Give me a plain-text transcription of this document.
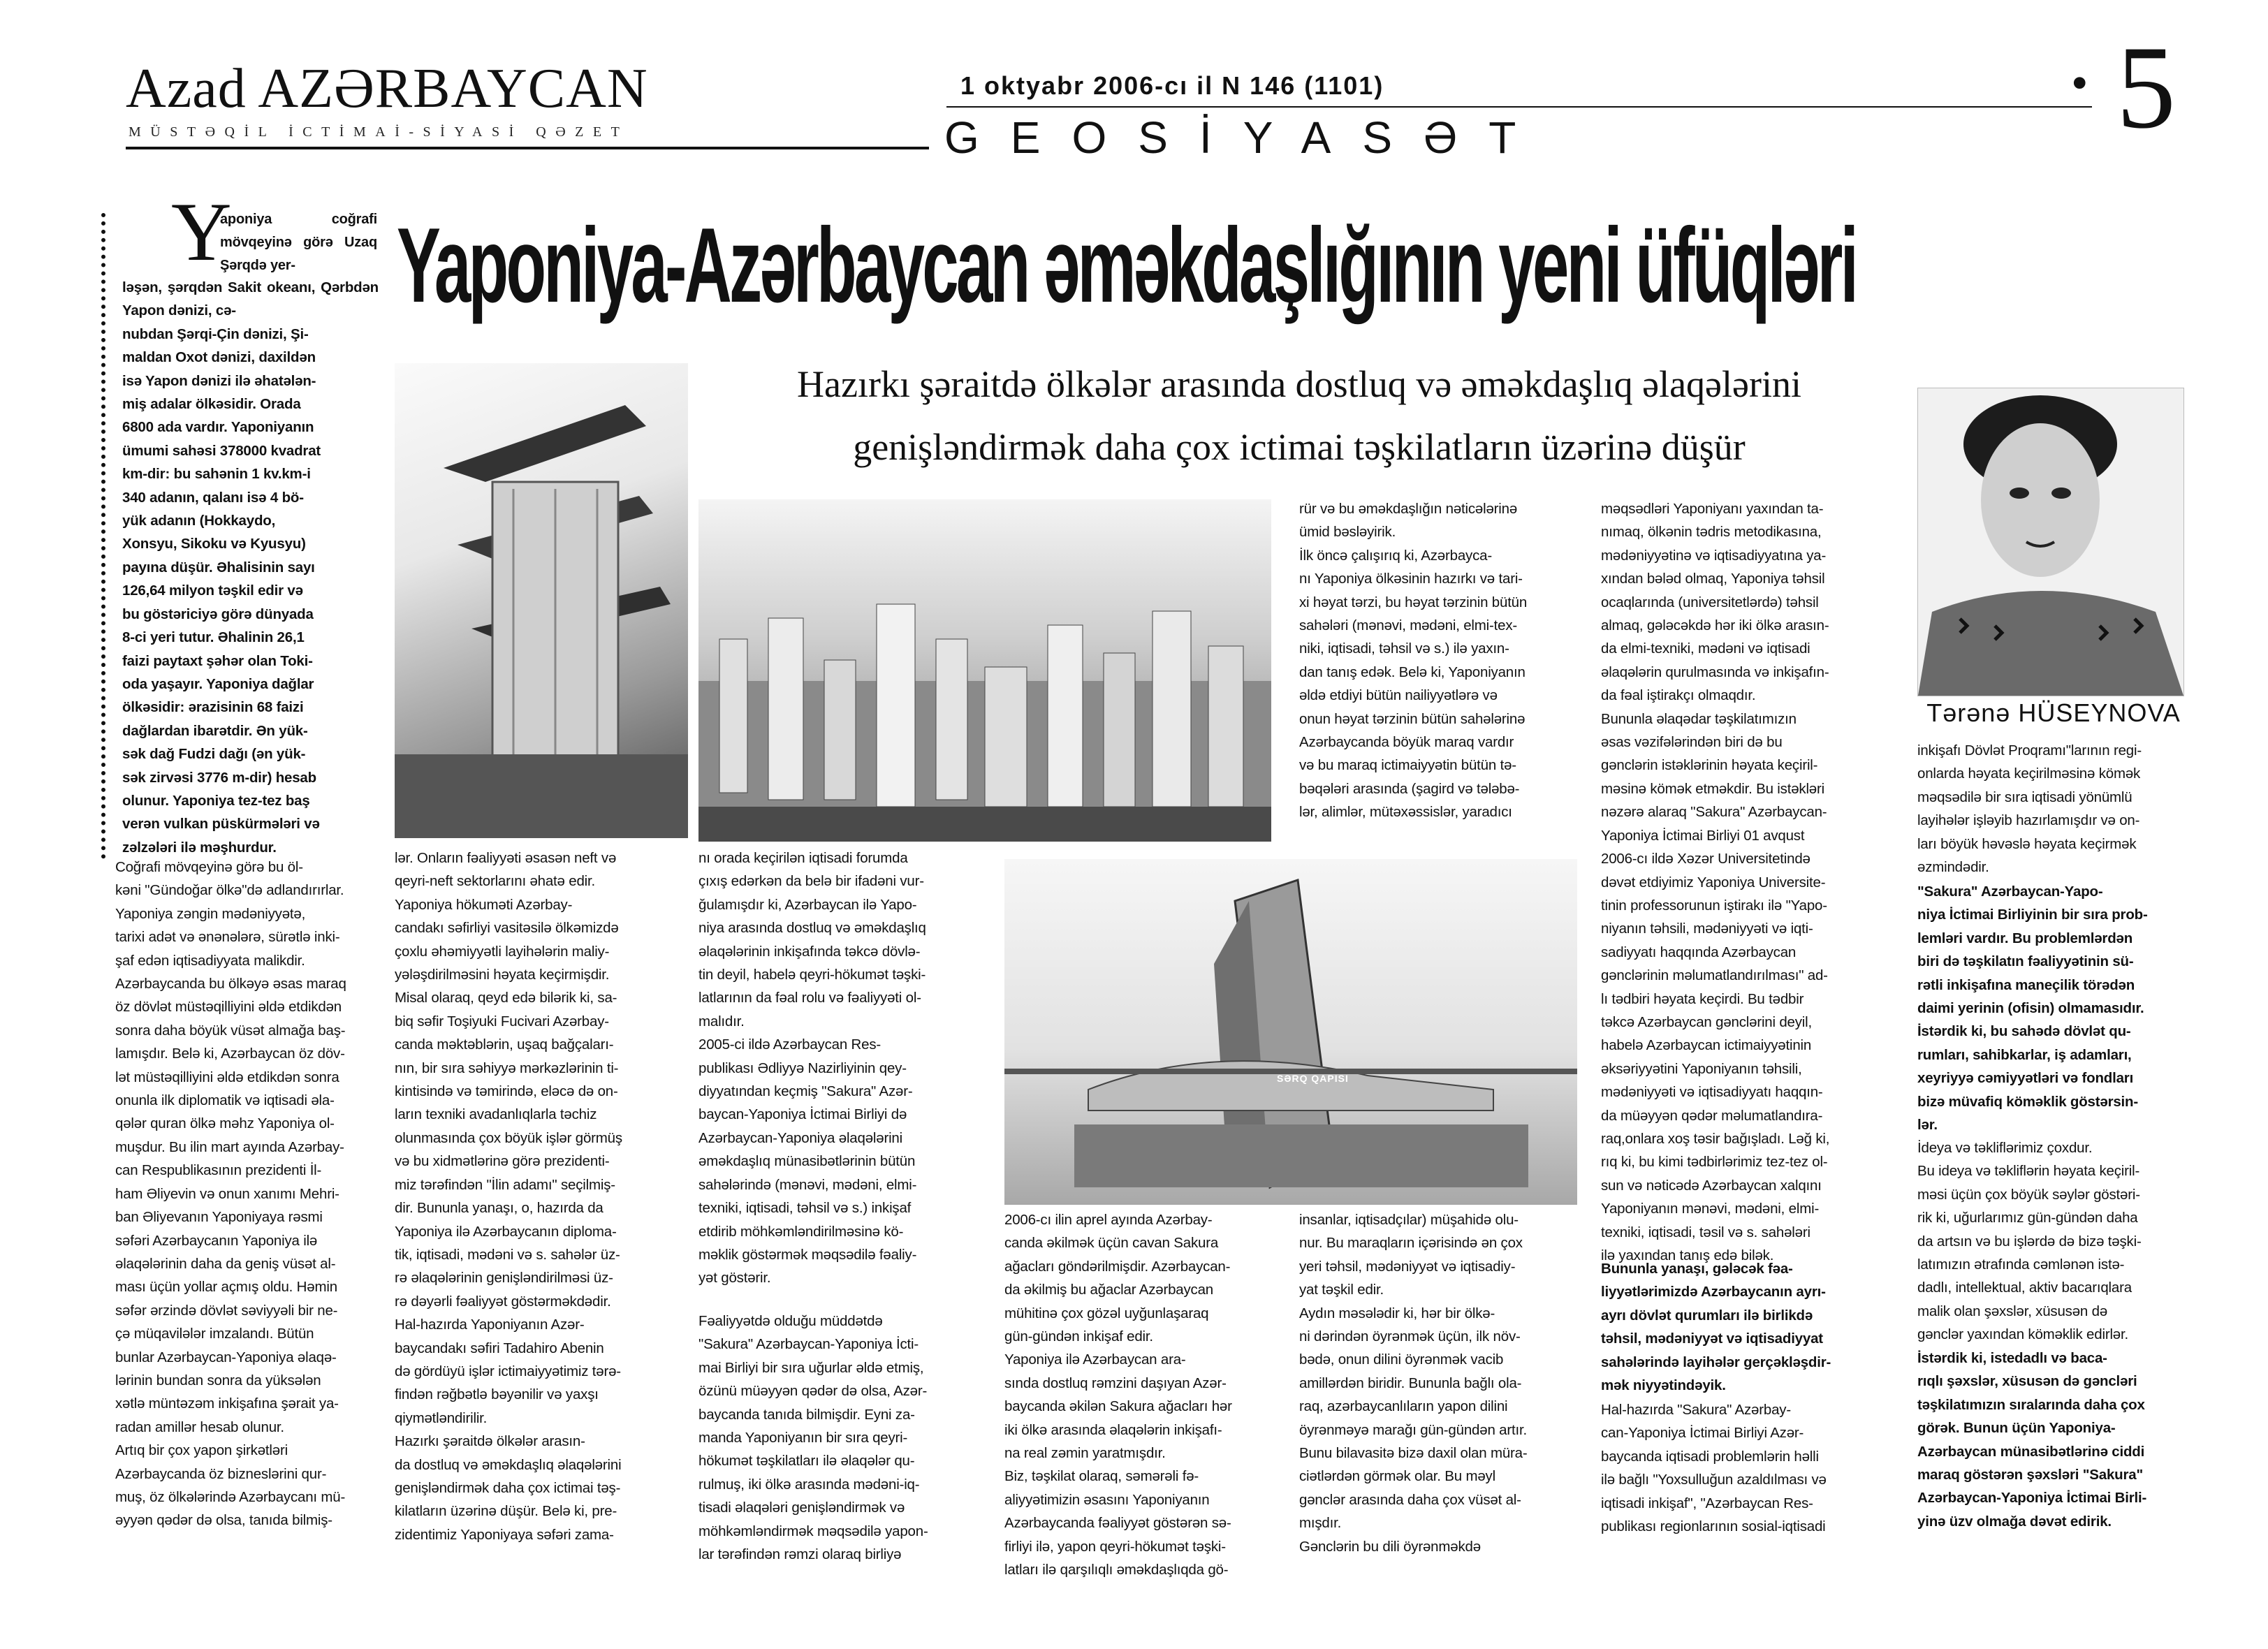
Azad AZƏRBAYCAN
MÜSTƏQİL İCTİMAİ-SİYASİ QƏZET
1 oktyabr 2006-cı il N 146 (1101)
GEOSİYASƏT
• 5
Y
aponiya coğrafi mövqeyinə görə Uzaq Şərqdə yer-
ləşən, şərqdən Sakit okeanı, Qərbdən Yapon dənizi, cə-
nubdan Şərqi-Çin dənizi, Şi-
maldan Oxot dənizi, daxildən
isə Yapon dənizi ilə əhatələn-
miş adalar ölkəsidir. Orada
6800 ada vardır. Yaponiyanın
ümumi sahəsi 378000 kvadrat
km-dir: bu sahənin 1 kv.km-i
340 adanın, qalanı isə 4 bö-
yük adanın (Hokkaydo,
Xonsyu, Sikoku və Kyusyu)
payına düşür. Əhalisinin sayı
126,64 milyon təşkil edir və
bu göstəriciyə görə dünyada
8-ci yeri tutur. Əhalinin 26,1
faizi paytaxt şəhər olan Toki-
oda yaşayır. Yaponiya dağlar
ölkəsidir: ərazisinin 68 faizi
dağlardan ibarətdir. Ən yük-
sək dağ Fudzi dağı (ən yük-
sək zirvəsi 3776 m-dir) hesab
olunur. Yaponiya tez-tez baş
verən vulkan püskürmələri və
zəlzələri ilə məşhurdur.
Yaponiya-Azərbaycan əməkdaşlığının yeni üfüqləri
Hazırkı şəraitdə ölkələr arasında dostluq və əməkdaşlıq əlaqələrini genişləndirmək daha çox ictimai təşkilatların üzərinə düşür
SƏRQ QAPISI
Tərənə HÜSEYNOVA
Coğrafi mövqeyinə görə bu öl-
kəni "Gündoğar ölkə"də adlandırırlar.
Yaponiya zəngin mədəniyyətə,
tarixi adət və ənənələrə, sürətlə inki-
şaf edən iqtisadiyyata malikdir.
Azərbaycanda bu ölkəyə əsas maraq
öz dövlət müstəqilliyini əldə etdikdən
sonra daha böyük vüsət almağa baş-
lamışdır. Belə ki, Azərbaycan öz döv-
lət müstəqilliyini əldə etdikdən sonra
onunla ilk diplomatik və iqtisadi əla-
qələr quran ölkə məhz Yaponiya ol-
muşdur. Bu ilin mart ayında Azərbay-
can Respublikasının prezidenti İl-
ham Əliyevin və onun xanımı Mehri-
ban Əliyevanın Yaponiyaya rəsmi
səfəri Azərbaycanın Yaponiya ilə
əlaqələrinin daha da geniş vüsət al-
ması üçün yollar açmış oldu. Həmin
səfər ərzində dövlət səviyyəli bir ne-
çə müqavilələr imzalandı. Bütün
bunlar Azərbaycan-Yaponiya əlaqə-
lərinin bundan sonra da yüksələn
xətlə müntəzəm inkişafına şərait ya-
radan amillər hesab olunur.
Artıq bir çox yapon şirkətləri
Azərbaycanda öz bizneslərini qur-
muş, öz ölkələrində Azərbaycanı mü-
əyyən qədər də olsa, tanıda bilmiş-
lər. Onların fəaliyyəti əsasən neft və
qeyri-neft sektorlarını əhatə edir.
Yaponiya hökuməti Azərbay-
candakı səfirliyi vasitəsilə ölkəmizdə
çoxlu əhəmiyyətli layihələrin maliy-
yələşdirilməsini həyata keçirmişdir.
Misal olaraq, qeyd edə bilərik ki, sa-
biq səfir Toşiyuki Fucivari Azərbay-
canda məktəblərin, uşaq bağçaları-
nın, bir sıra səhiyyə mərkəzlərinin ti-
kintisində və təmirində, eləcə də on-
ların texniki avadanlıqlarla təchiz
olunmasında çox böyük işlər görmüş
və bu xidmətlərinə görə prezidenti-
miz tərəfindən "İlin adamı" seçilmiş-
dir. Bununla yanaşı, o, hazırda da
Yaponiya ilə Azərbaycanın diploma-
tik, iqtisadi, mədəni və s. sahələr üz-
rə əlaqələrinin genişləndirilməsi üz-
rə dəyərli fəaliyyət göstərməkdədir.
Hal-hazırda Yaponiyanın Azər-
baycandakı səfiri Tadahiro Abenin
də gördüyü işlər ictimaiyyətimiz tərə-
findən rəğbətlə bəyənilir və yaxşı
qiymətləndirilir.
Hazırkı şəraitdə ölkələr arasın-
da dostluq və əməkdaşlıq əlaqələrini
genişləndirmək daha çox ictimai təş-
kilatların üzərinə düşür. Belə ki, pre-
zidentimiz Yaponiyaya səfəri zama-
nı orada keçirilən iqtisadi forumda
çıxış edərkən da belə bir ifadəni vur-
ğulamışdır ki, Azərbaycan ilə Yapo-
niya arasında dostluq və əməkdaşlıq
əlaqələrinin inkişafında təkcə dövlə-
tin deyil, habelə qeyri-hökumət təşki-
latlarının da fəal rolu və fəaliyyəti ol-
malıdır.
2005-ci ildə Azərbaycan Res-
publikası Ədliyyə Nazirliyinin qey-
diyyatından keçmiş "Sakura" Azər-
baycan-Yaponiya İctimai Birliyi də
Azərbaycan-Yaponiya əlaqələrini
əməkdaşlıq münasibətlərinin bütün
sahələrində (mənəvi, mədəni, elmi-
texniki, iqtisadi, təhsil və s.) inkişaf
etdirib möhkəmləndirilməsinə kö-
məklik göstərmək məqsədilə fəaliy-
yət göstərir.
Fəaliyyətdə olduğu müddətdə
"Sakura" Azərbaycan-Yaponiya İcti-
mai Birliyi bir sıra uğurlar əldə etmiş,
özünü müəyyən qədər də olsa, Azər-
baycanda tanıda bilmişdir. Eyni za-
manda Yaponiyanın bir sıra qeyri-
hökumət təşkilatları ilə əlaqələr qu-
rulmuş, iki ölkə arasında mədəni-iq-
tisadi əlaqələri genişləndirmək və
möhkəmləndirmək məqsədilə yapon-
lar tərəfindən rəmzi olaraq birliyə
2006-cı ilin aprel ayında Azərbay-
canda əkilmək üçün cavan Sakura
ağacları göndərilmişdir. Azərbaycan-
da əkilmiş bu ağaclar Azərbaycan
mühitinə çox gözəl uyğunlaşaraq
gün-gündən inkişaf edir.
Yaponiya ilə Azərbaycan ara-
sında dostluq rəmzini daşıyan Azər-
baycanda əkilən Sakura ağacları hər
iki ölkə arasında əlaqələrin inkişafı-
na real zəmin yaratmışdır.
Biz, təşkilat olaraq, səmərəli fə-
aliyyətimizin əsasını Yaponiyanın
Azərbaycanda fəaliyyət göstərən sə-
firliyi ilə, yapon qeyri-hökumət təşki-
latları ilə qarşılıqlı əməkdaşlıqda gö-
rür və bu əməkdaşlığın nəticələrinə
ümid bəsləyirik.
İlk öncə çalışırıq ki, Azərbayca-
nı Yaponiya ölkəsinin hazırkı və tari-
xi həyat tərzi, bu həyat tərzinin bütün
sahələri (mənəvi, mədəni, elmi-tex-
niki, iqtisadi, təhsil və s.) ilə yaxın-
dan tanış edək. Belə ki, Yaponiyanın
əldə etdiyi bütün nailiyyətlərə və
onun həyat tərzinin bütün sahələrinə
Azərbaycanda böyük maraq vardır
və bu maraq ictimaiyyətin bütün tə-
bəqələri arasında (şagird və tələbə-
lər, alimlər, mütəxəssislər, yaradıcı
insanlar, iqtisadçılar) müşahidə olu-
nur. Bu maraqların içərisində ən çox
yeri təhsil, mədəniyyət və iqtisadiy-
yat təşkil edir.
Aydın məsələdir ki, hər bir ölkə-
ni dərindən öyrənmək üçün, ilk növ-
bədə, onun dilini öyrənmək vacib
amillərdən biridir. Bununla bağlı ola-
raq, azərbaycanlıların yapon dilini
öyrənməyə marağı gün-gündən artır.
Bunu bilavasitə bizə daxil olan müra-
ciətlərdən görmək olar. Bu məyl
gənclər arasında daha çox vüsət al-
mışdır.
Gənclərin bu dili öyrənməkdə
məqsədləri Yaponiyanı yaxından ta-
nımaq, ölkənin tədris metodikasına,
mədəniyyətinə və iqtisadiyyatına ya-
xından bələd olmaq, Yaponiya təhsil
ocaqlarında (universitetlərdə) təhsil
almaq, gələcəkdə hər iki ölkə arasın-
da elmi-texniki, mədəni və iqtisadi
əlaqələrin qurulmasında və inkişafın-
da fəal iştirakçı olmaqdır.
Bununla əlaqədar təşkilatımızın
əsas vəzifələrindən biri də bu
gənclərin istəklərinin həyata keçiril-
məsinə kömək etməkdir. Bu istəkləri
nəzərə alaraq "Sakura" Azərbaycan-
Yaponiya İctimai Birliyi 01 avqust
2006-cı ildə Xəzər Universitetində
dəvət etdiyimiz Yaponiya Universite-
tinin professorunun iştirakı ilə "Yapo-
niyanın təhsili, mədəniyyəti və iqti-
sadiyyatı haqqında Azərbaycan
gənclərinin məlumatlandırılması" ad-
lı tədbiri həyata keçirdi. Bu tədbir
təkcə Azərbaycan gənclərini deyil,
habelə Azərbaycan ictimaiyyətinin
əksəriyyətini Yaponiyanın təhsili,
mədəniyyəti və iqtisadiyyatı haqqın-
da müəyyən qədər məlumatlandıra-
raq,onlara xoş təsir bağışladı. Ləğ ki,
rıq ki, bu kimi tədbirlərimiz tez-tez ol-
sun və nəticədə Azərbaycan xalqını
Yaponiyanın mənəvi, mədəni, elmi-
texniki, iqtisadi, təsil və s. sahələri
ilə yaxından tanış edə bilək.
Bununla yanaşı, gələcək fəa-
liyyətlərimizdə Azərbaycanın ayrı-
ayrı dövlət qurumları ilə birlikdə
təhsil, mədəniyyət və iqtisadiyyat
sahələrində layihələr gerçəkləşdir-
mək niyyətindəyik.
Hal-hazırda "Sakura" Azərbay-
can-Yaponiya İctimai Birliyi Azər-
baycanda iqtisadi problemlərin həlli
ilə bağlı "Yoxsulluğun azaldılması və
iqtisadi inkişaf", "Azərbaycan Res-
publikası regionlarının sosial-iqtisadi
inkişafı Dövlət Proqramı"larının regi-
onlarda həyata keçirilməsinə kömək
məqsədilə bir sıra iqtisadi yönümlü
layihələr işləyib hazırlamışdır və on-
ları böyük həvəslə həyata keçirmək
əzmindədir.
"Sakura" Azərbaycan-Yapo-
niya İctimai Birliyinin bir sıra prob-
lemləri vardır. Bu problemlərdən
biri də təşkilatın fəaliyyətinin sü-
rətli inkişafına maneçilik törədən
daimi yerinin (ofisin) olmamasıdır.
İstərdik ki, bu sahədə dövlət qu-
rumları, sahibkarlar, iş adamları,
xeyriyyə cəmiyyətləri və fondları
bizə müvafiq köməklik göstərsin-
lər.
İdeya və təkliflərimiz çoxdur.
Bu ideya və təkliflərin həyata keçiril-
məsi üçün çox böyük səylər göstəri-
rik ki, uğurlarımız gün-gündən daha
da artsın və bu işlərdə də bizə təşki-
latımızın ətrafında cəmlənən istə-
dadlı, intellektual, aktiv bacarıqlara
malik olan şəxslər, xüsusən də
gənclər yaxından köməklik edirlər.
İstərdik ki, istedadlı və baca-
rıqlı şəxslər, xüsusən də gəncləri
təşkilatımızın sıralarında daha çox
görək. Bunun üçün Yaponiya-
Azərbaycan münasibətlərinə ciddi
maraq göstərən şəxsləri "Sakura"
Azərbaycan-Yaponiya İctimai Birli-
yinə üzv olmağa dəvət edirik.
